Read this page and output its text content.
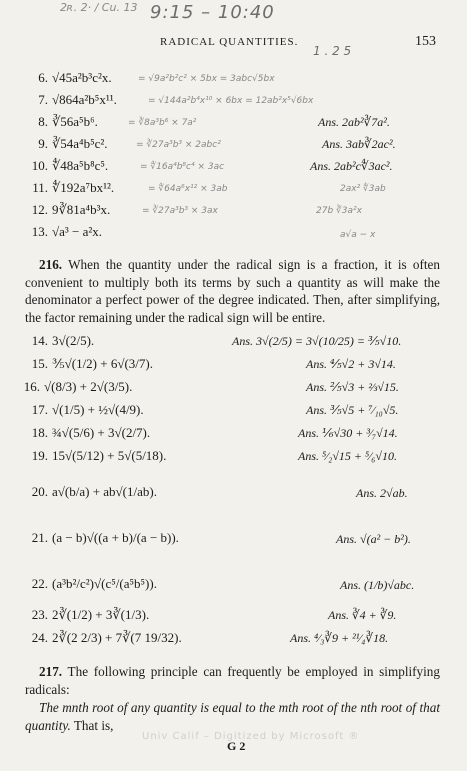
9:15 – 10:40
2ʀ. 2· / Cu. 13
1 . 2 5
RADICAL QUANTITIES.	153
6. √45a²b³c²x.	= √9a²b²c² × 5bx = 3abc√5bx
7. √864a²b⁵x¹¹.	= √144a²b⁴x¹⁰ × 6bx = 12ab²x⁵√6bx
8. ∛56a⁵b⁶.	= ∛8a³b⁶ × 7a²	Ans. 2ab²∛7a².
9. ∛54a⁴b⁵c².	= ∛27a³b³ × 2abc²	Ans. 3ab∛2ac².
10. ∜48a⁵b⁸c⁵.	= ∜16a⁴b⁸c⁴ × 3ac	Ans. 2ab²c∜3ac².
11. ∜192a⁷bx¹².	= ∜64a⁶x¹² × 3ab	2ax² ∜3ab
12. 9∛81a⁴b³x.	= ∛27a³b³ × 3ax	27b ∛3a²x
13. √a³ − a²x.	a√a − x
216. When the quantity under the radical sign is a fraction, it is often convenient to multiply both its terms by such a quantity as will make the denominator a perfect power of the degree indicated. Then, after simplifying, the factor remaining under the radical sign will be entire.
14. 3√(2/5).	Ans. 3√(2/5) = 3√(10/25) = ⅗√10.
15. ⅗√(1/2) + 6√(3/7).	Ans. ⅘√2 + 3√14.
16. √(8/3) + 2√(3/5).	Ans. ⅖√3 + ⅔√15.
17. √(1/5) + ½√(4/9).	Ans. ⅗√5 + ⁷⁄₁₀√5.
18. ¾√(5/6) + 3√(2/7).	Ans. ⅙√30 + ³⁄₇√14.
19. 15√(5/12) + 5√(5/18).	Ans. ⁵⁄₂√15 + ⁵⁄₆√10.
20. a√(b/a) + ab√(1/ab).	Ans. 2√ab.
21. (a − b)√((a + b)/(a − b)).	Ans. √(a² − b²).
22. (a³b²/c²)√(c⁵/(a⁵b⁵)).	Ans. (1/b)√abc.
23. 2∛(1/2) + 3∛(1/3).	Ans. ∛4 + ∛9.
24. 2∛(2 2/3) + 7∛(7 19/32).	Ans. ⁴⁄₃∛9 + ²¹⁄₄∛18.
217. The following principle can frequently be employed in simplifying radicals:
The mnth root of any quantity is equal to the mth root of the nth root of that quantity. That is,
Univ Calif – Digitized by Microsoft ®
G 2
